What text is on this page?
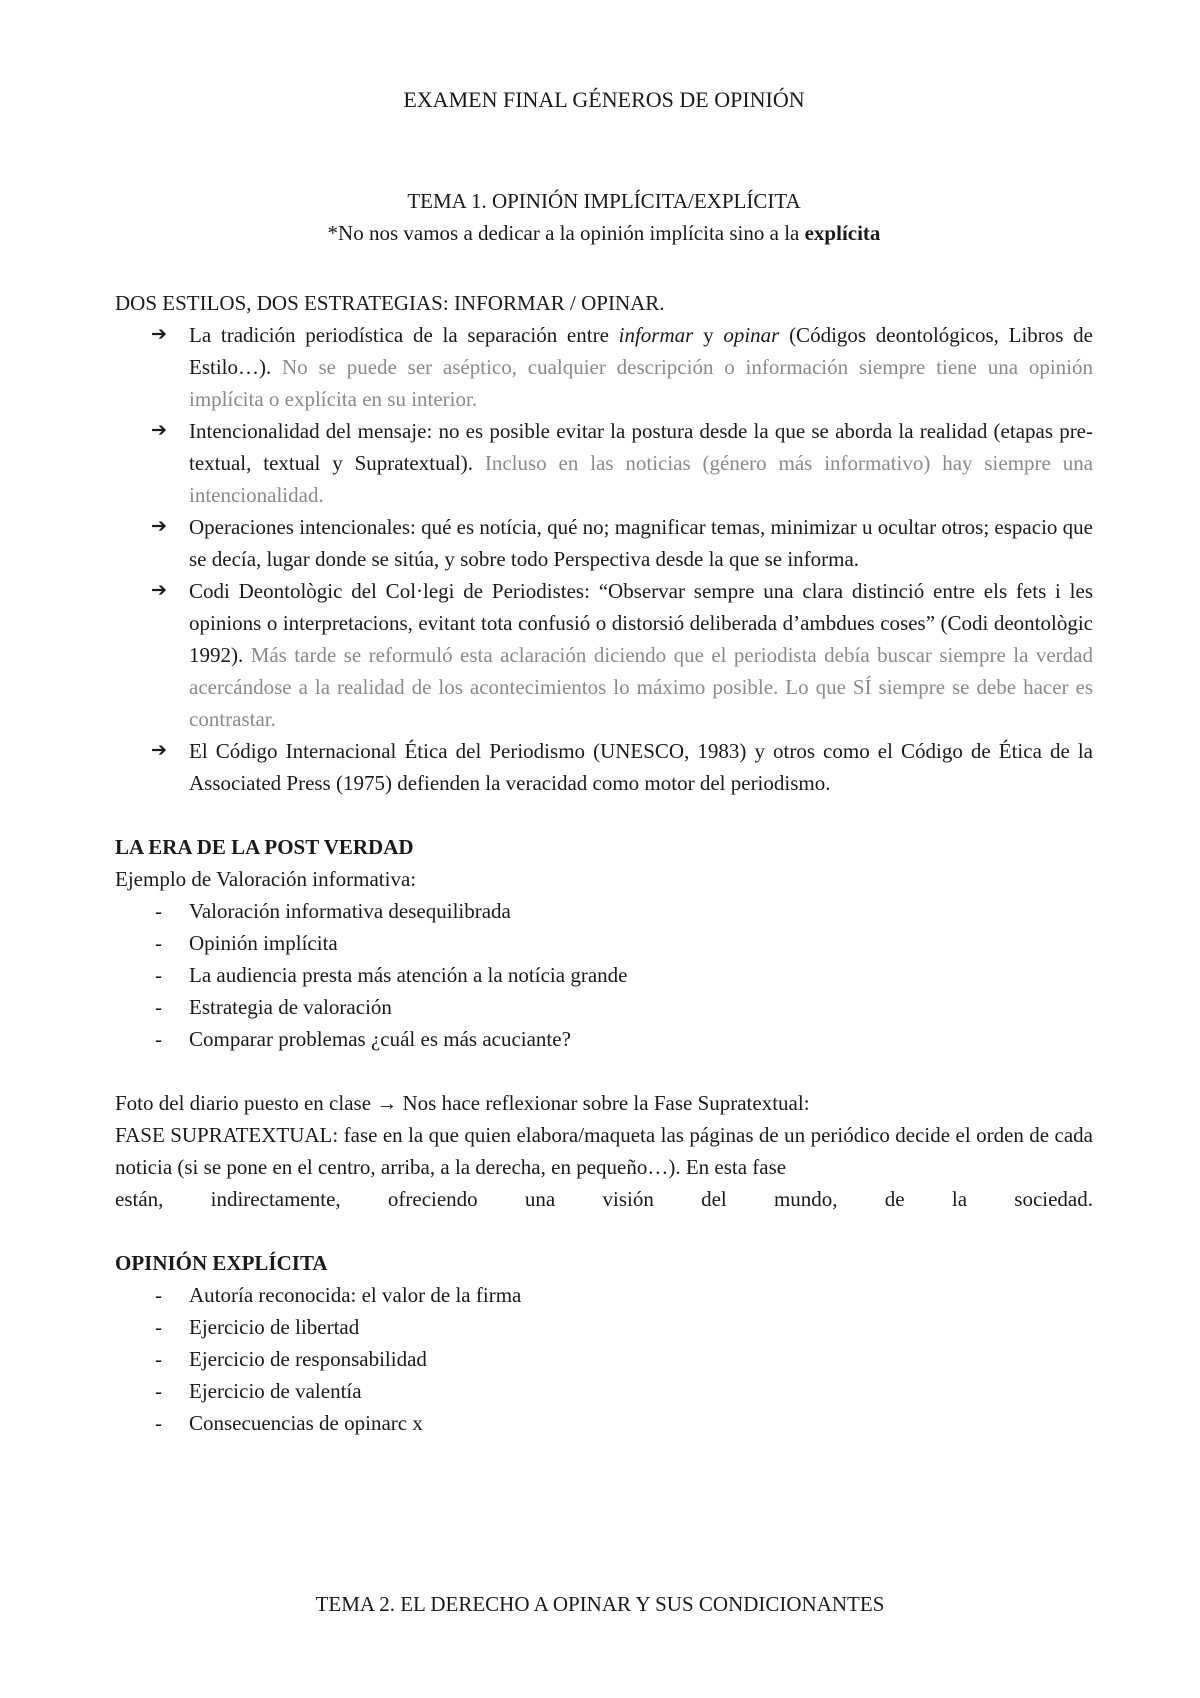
EXAMEN FINAL GÉNEROS DE OPINIÓN

TEMA 1. OPINIÓN IMPLÍCITA/EXPLÍCITA

*No nos vamos a dedicar a la opinión implícita sino a la explícita

DOS ESTILOS, DOS ESTRATEGIAS: INFORMAR / OPINAR.

➔ La tradición periodística de la separación entre informar y opinar (Códigos deontológicos, Libros de Estilo…). No se puede ser aséptico, cualquier descripción o información siempre tiene una opinión implícita o explícita en su interior.
➔ Intencionalidad del mensaje: no es posible evitar la postura desde la que se aborda la realidad (etapas pre-textual, textual y Supratextual). Incluso en las noticias (género más informativo) hay siempre una intencionalidad.
➔ Operaciones intencionales: qué es notícia, qué no; magnificar temas, minimizar u ocultar otros; espacio que se decía, lugar donde se sitúa, y sobre todo Perspectiva desde la que se informa.
➔ Codi Deontològic del Col·legi de Periodistes: “Observar sempre una clara distinció entre els fets i les opinions o interpretacions, evitant tota confusió o distorsió deliberada d’ambdues coses” (Codi deontològic 1992). Más tarde se reformuló esta aclaración diciendo que el periodista debía buscar siempre la verdad acercándose a la realidad de los acontecimientos lo máximo posible. Lo que SÍ siempre se debe hacer es contrastar.
➔ El Código Internacional Ética del Periodismo (UNESCO, 1983) y otros como el Código de Ética de la Associated Press (1975) defienden la veracidad como motor del periodismo.

LA ERA DE LA POST VERDAD

Ejemplo de Valoración informativa:

- Valoración informativa desequilibrada
- Opinión implícita
- La audiencia presta más atención a la notícia grande
- Estrategia de valoración
- Comparar problemas ¿cuál es más acuciante?

Foto del diario puesto en clase → Nos hace reflexionar sobre la Fase Supratextual:

FASE SUPRATEXTUAL: fase en la que quien elabora/maqueta las páginas de un periódico decide el orden de cada noticia (si se pone en el centro, arriba, a la derecha, en pequeño…). En esta fase

están, indirectamente, ofreciendo una visión del mundo, de la sociedad.

OPINIÓN EXPLÍCITA

- Autoría reconocida: el valor de la firma
- Ejercicio de libertad
- Ejercicio de responsabilidad
- Ejercicio de valentía
- Consecuencias de opinarc x

TEMA 2. EL DERECHO A OPINAR Y SUS CONDICIONANTES
